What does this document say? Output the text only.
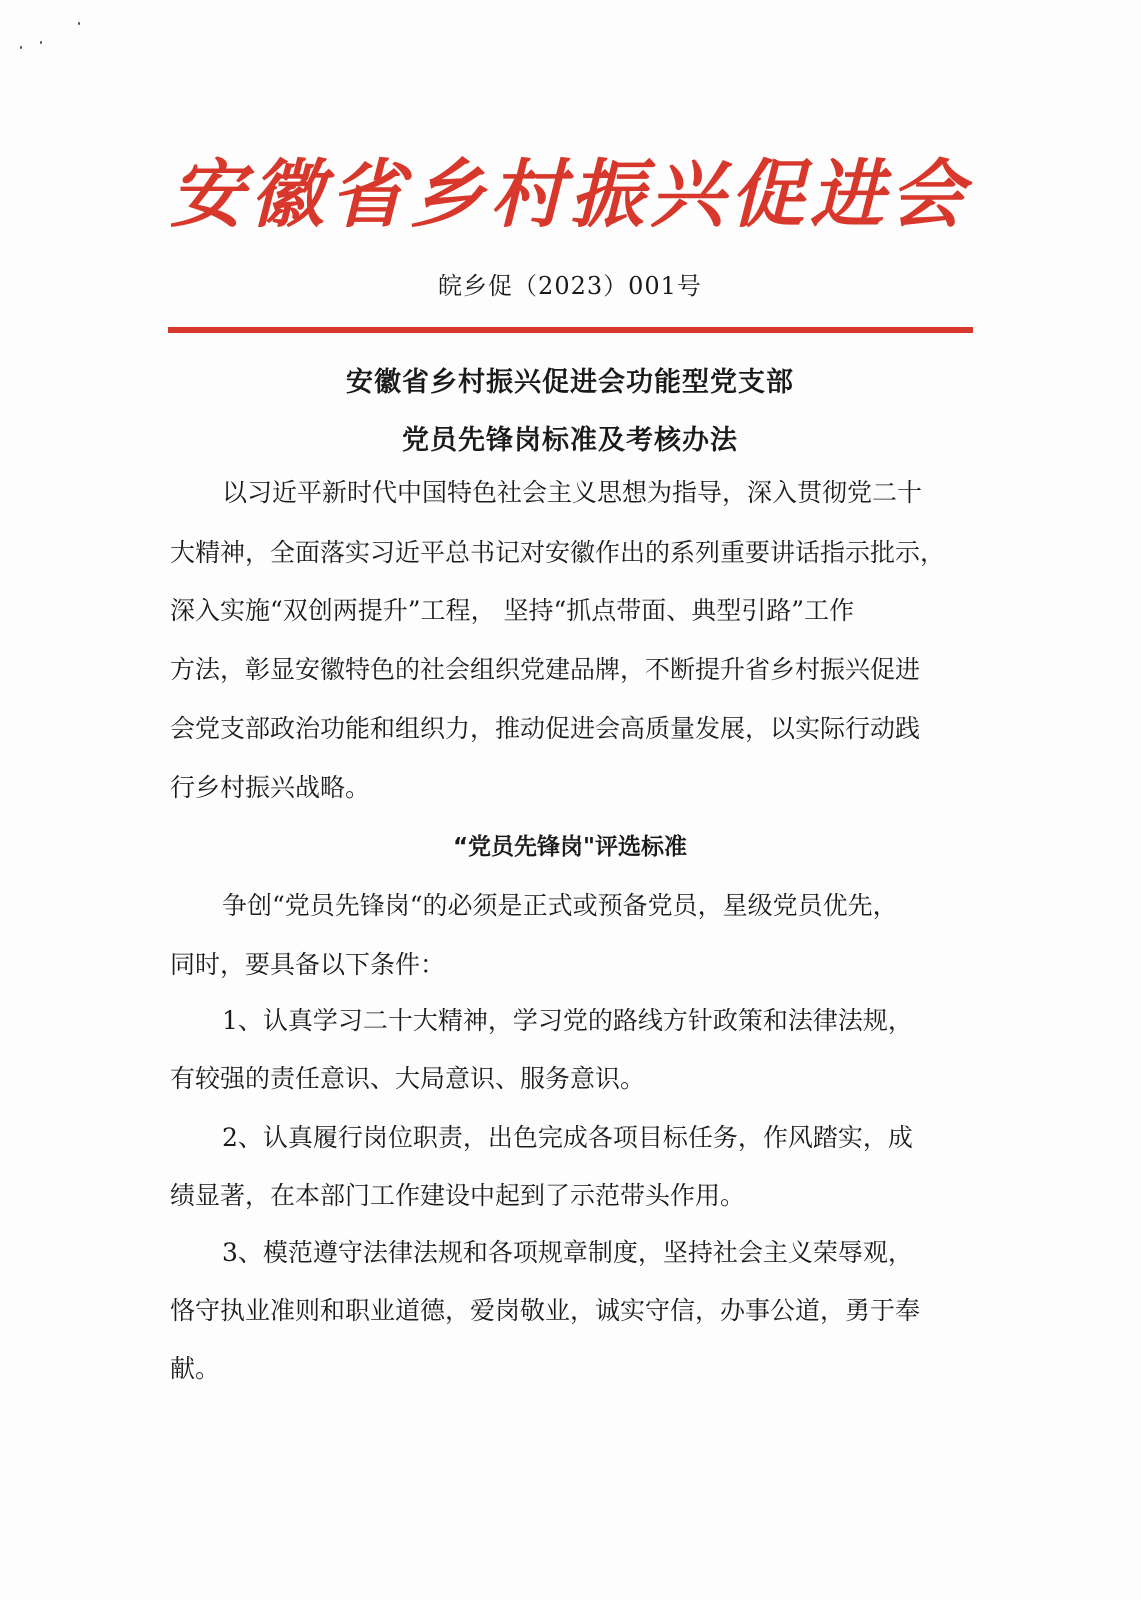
安徽省乡村振兴促进会
皖乡促（2023）001号
安徽省乡村振兴促进会功能型党支部
党员先锋岗标准及考核办法
以习近平新时代中国特色社会主义思想为指导，深入贯彻党二十
大精神，全面落实习近平总书记对安徽作出的系列重要讲话指示批示，
深入实施“双创两提升”工程， 坚持“抓点带面、典型引路”工作
方法，彰显安徽特色的社会组织党建品牌，不断提升省乡村振兴促进
会党支部政治功能和组织力，推动促进会高质量发展，以实际行动践
行乡村振兴战略。
“党员先锋岗"评选标准
争创“党员先锋岗“的必须是正式或预备党员，星级党员优先，
同时，要具备以下条件：
1、认真学习二十大精神，学习党的路线方针政策和法律法规，
有较强的责任意识、大局意识、服务意识。
2、认真履行岗位职责，出色完成各项目标任务，作风踏实，成
绩显著，在本部门工作建设中起到了示范带头作用。
3、模范遵守法律法规和各项规章制度，坚持社会主义荣辱观，
恪守执业准则和职业道德，爱岗敬业，诚实守信，办事公道，勇于奉
献。
